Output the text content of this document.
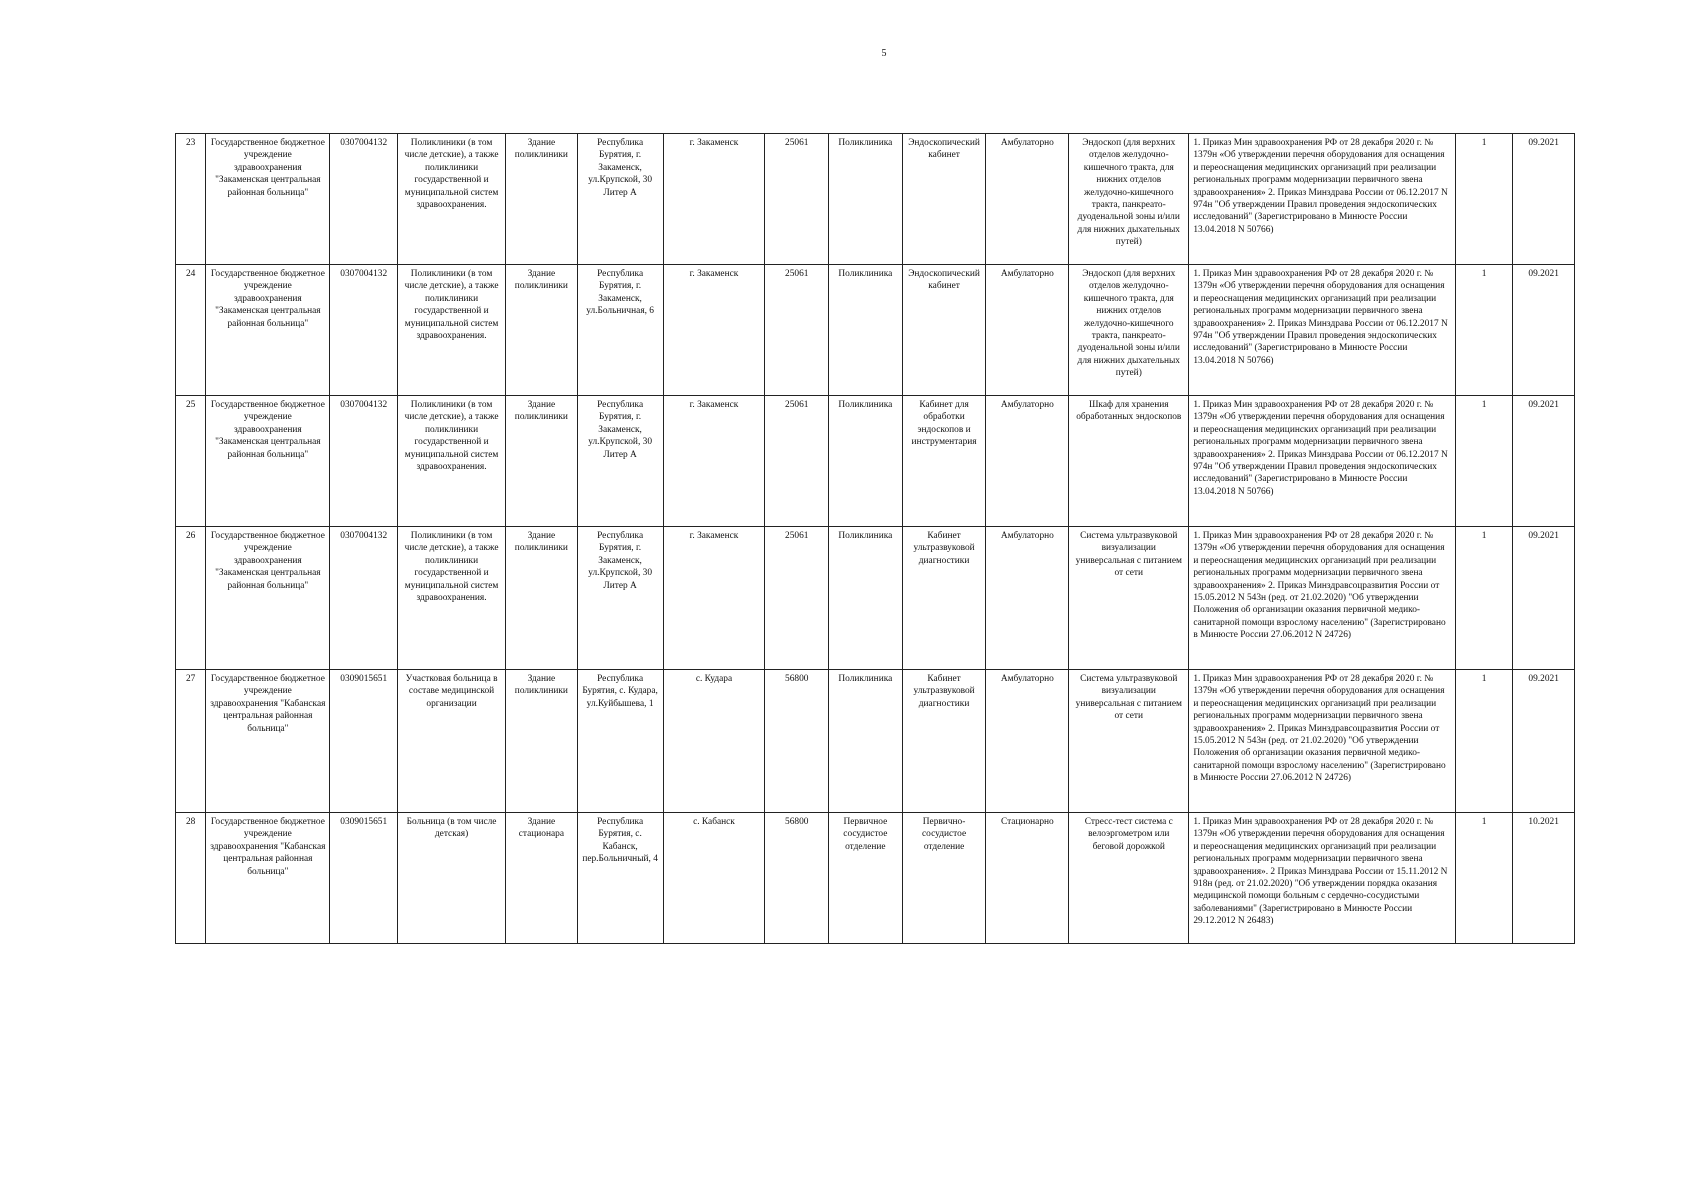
5
23	Государственное бюджетное учреждение здравоохранения "Закаменская центральная районная больница"	0307004132	Поликлиники (в том числе детские), а также поликлиники государственной и муниципальной систем здравоохранения.	Здание поликлиники	Республика Бурятия, г. Закаменск, ул.Крупской, 30 Литер А	г. Закаменск	25061	Поликлиника	Эндоскопический кабинет	Амбулаторно	Эндоскоп (для верхних отделов желудочно-кишечного тракта, для нижних отделов желудочно-кишечного тракта, панкреато-дуоденальной зоны и/или для нижних дыхательных путей)	1. Приказ Мин здравоохранения РФ от 28 декабря 2020 г. № 1379н «Об утверждении перечня оборудования для оснащения и переоснащения медицинских организаций при реализации региональных программ модернизации первичного звена здравоохранения» 2. Приказ Минздрава России от 06.12.2017 N 974н "Об утверждении Правил проведения эндоскопических исследований" (Зарегистрировано в Минюсте России 13.04.2018 N 50766)	1	09.2021
24	Государственное бюджетное учреждение здравоохранения "Закаменская центральная районная больница"	0307004132	Поликлиники (в том числе детские), а также поликлиники государственной и муниципальной систем здравоохранения.	Здание поликлиники	Республика Бурятия, г. Закаменск, ул.Больничная, 6	г. Закаменск	25061	Поликлиника	Эндоскопический кабинет	Амбулаторно	Эндоскоп (для верхних отделов желудочно-кишечного тракта, для нижних отделов желудочно-кишечного тракта, панкреато-дуоденальной зоны и/или для нижних дыхательных путей)	1. Приказ Мин здравоохранения РФ от 28 декабря 2020 г. № 1379н «Об утверждении перечня оборудования для оснащения и переоснащения медицинских организаций при реализации региональных программ модернизации первичного звена здравоохранения» 2. Приказ Минздрава России от 06.12.2017 N 974н "Об утверждении Правил проведения эндоскопических исследований" (Зарегистрировано в Минюсте России 13.04.2018 N 50766)	1	09.2021
25	Государственное бюджетное учреждение здравоохранения "Закаменская центральная районная больница"	0307004132	Поликлиники (в том числе детские), а также поликлиники государственной и муниципальной систем здравоохранения.	Здание поликлиники	Республика Бурятия, г. Закаменск, ул.Крупской, 30 Литер А	г. Закаменск	25061	Поликлиника	Кабинет для обработки эндоскопов и инструментария	Амбулаторно	Шкаф для хранения обработанных эндоскопов	1. Приказ Мин здравоохранения РФ от 28 декабря 2020 г. № 1379н «Об утверждении перечня оборудования для оснащения и переоснащения медицинских организаций при реализации региональных программ модернизации первичного звена здравоохранения» 2. Приказ Минздрава России от 06.12.2017 N 974н "Об утверждении Правил проведения эндоскопических исследований" (Зарегистрировано в Минюсте России 13.04.2018 N 50766)	1	09.2021
26	Государственное бюджетное учреждение здравоохранения "Закаменская центральная районная больница"	0307004132	Поликлиники (в том числе детские), а также поликлиники государственной и муниципальной систем здравоохранения.	Здание поликлиники	Республика Бурятия, г. Закаменск, ул.Крупской, 30 Литер А	г. Закаменск	25061	Поликлиника	Кабинет ультразвуковой диагностики	Амбулаторно	Система ультразвуковой визуализации универсальная с питанием от сети	1. Приказ Мин здравоохранения РФ от 28 декабря 2020 г. № 1379н «Об утверждении перечня оборудования для оснащения и переоснащения медицинских организаций при реализации региональных программ модернизации первичного звена здравоохранения» 2. Приказ Минздравсоцразвития России от 15.05.2012 N 543н (ред. от 21.02.2020) "Об утверждении Положения об организации оказания первичной медико-санитарной помощи взрослому населению" (Зарегистрировано в Минюсте России 27.06.2012 N 24726)	1	09.2021
27	Государственное бюджетное учреждение здравоохранения "Кабанская центральная районная больница"	0309015651	Участковая больница в составе медицинской организации	Здание поликлиники	Республика Бурятия, с. Кудара, ул.Куйбышева, 1	с. Кудара	56800	Поликлиника	Кабинет ультразвуковой диагностики	Амбулаторно	Система ультразвуковой визуализации универсальная с питанием от сети	1. Приказ Мин здравоохранения РФ от 28 декабря 2020 г. № 1379н «Об утверждении перечня оборудования для оснащения и переоснащения медицинских организаций при реализации региональных программ модернизации первичного звена здравоохранения» 2. Приказ Минздравсоцразвития России от 15.05.2012 N 543н (ред. от 21.02.2020) "Об утверждении Положения об организации оказания первичной медико-санитарной помощи взрослому населению" (Зарегистрировано в Минюсте России 27.06.2012 N 24726)	1	09.2021
28	Государственное бюджетное учреждение здравоохранения "Кабанская центральная районная больница"	0309015651	Больница (в том числе детская)	Здание стационара	Республика Бурятия, с. Кабанск, пер.Больничный, 4	с. Кабанск	56800	Первичное сосудистое отделение	Первично-сосудистое отделение	Стационарно	Стресс-тест система с велоэргометром или беговой дорожкой	1. Приказ Мин здравоохранения РФ от 28 декабря 2020 г. № 1379н «Об утверждении перечня оборудования для оснащения и переоснащения медицинских организаций при реализации региональных программ модернизации первичного звена здравоохранения». 2 Приказ Минздрава России от 15.11.2012 N 918н (ред. от 21.02.2020) "Об утверждении порядка оказания медицинской помощи больным с сердечно-сосудистыми заболеваниями" (Зарегистрировано в Минюсте России 29.12.2012 N 26483)	1	10.2021
